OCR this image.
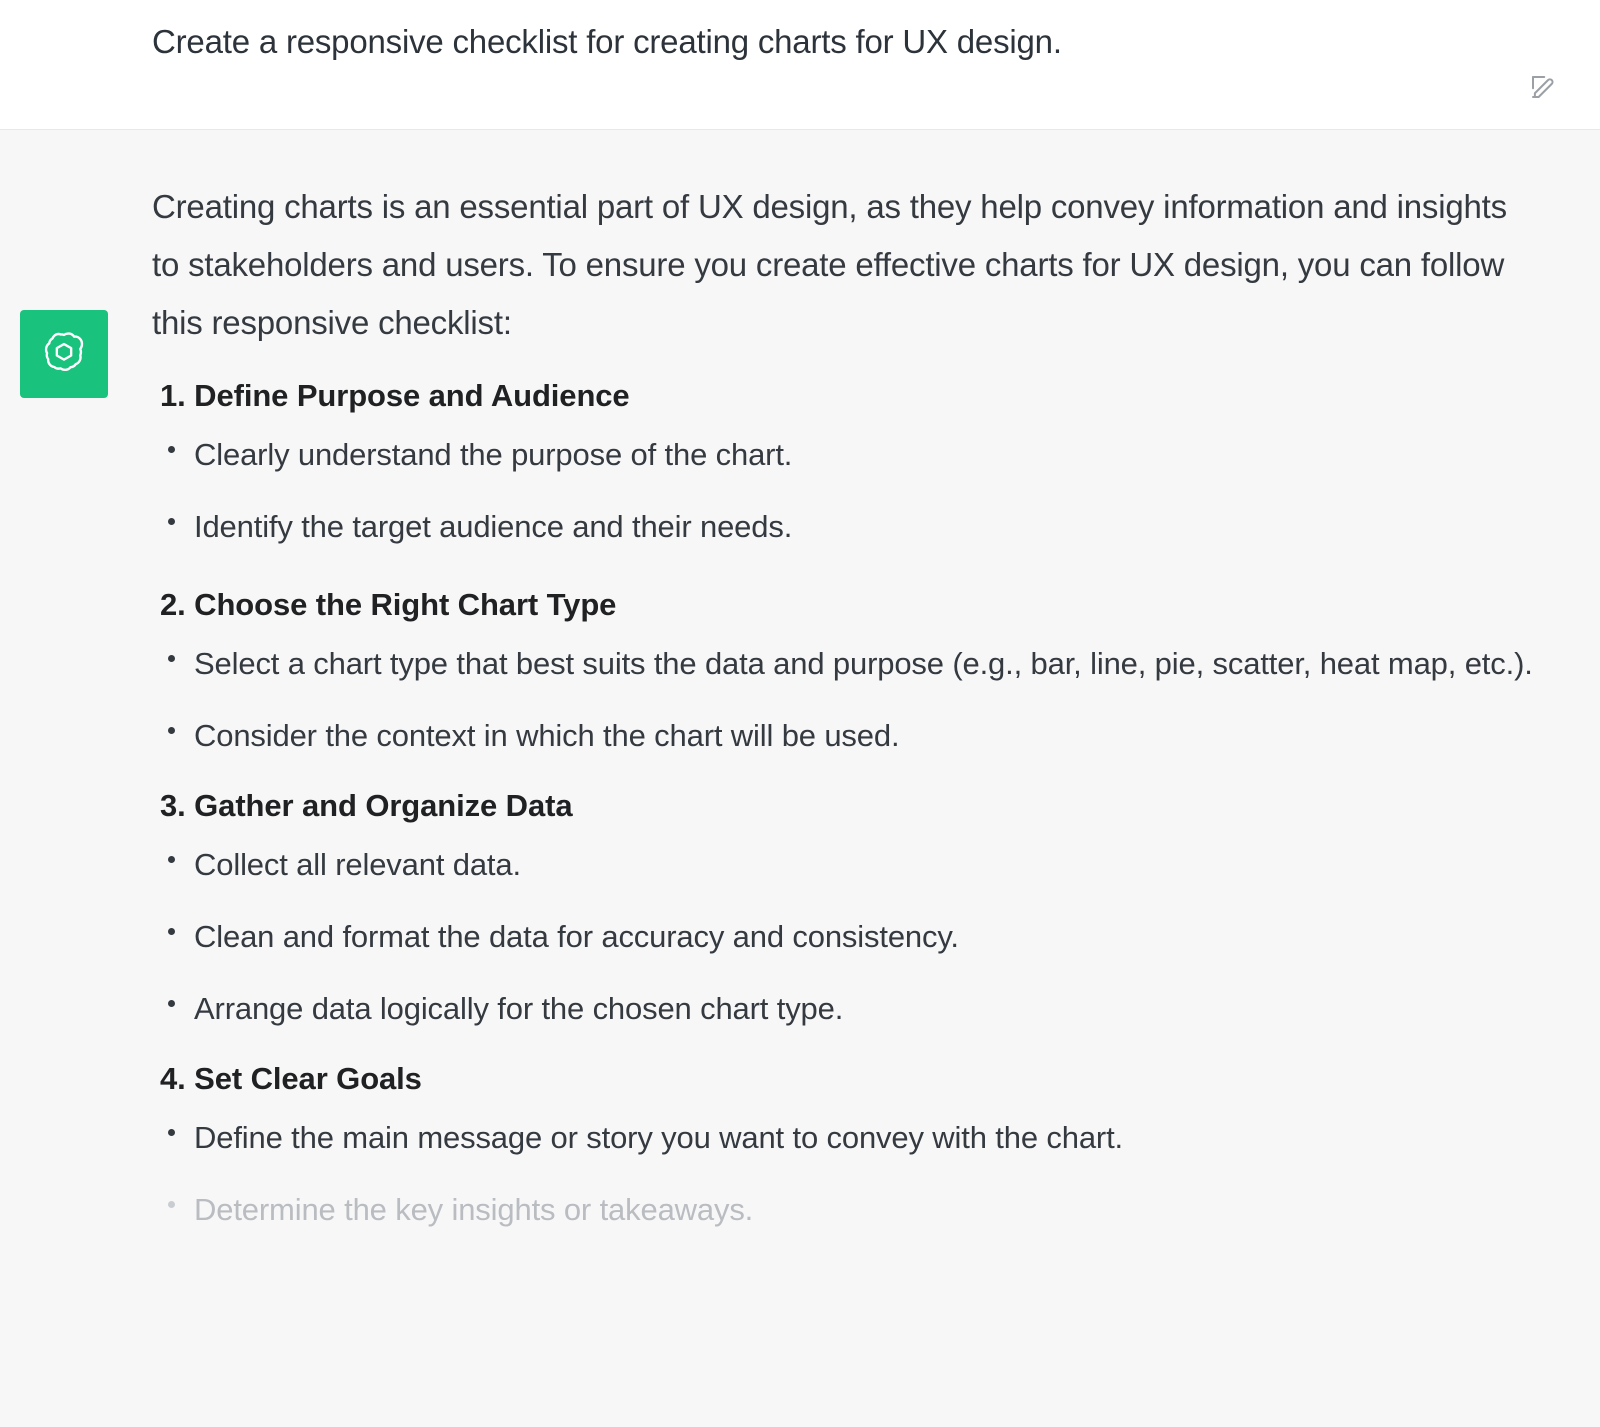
Create a responsive checklist for creating charts for UX design.

Creating charts is an essential part of UX design, as they help convey information and insights to stakeholders and users. To ensure you create effective charts for UX design, you can follow this responsive checklist:

1. Define Purpose and Audience
Clearly understand the purpose of the chart.
Identify the target audience and their needs.
2. Choose the Right Chart Type
Select a chart type that best suits the data and purpose (e.g., bar, line, pie, scatter, heat map, etc.).
Consider the context in which the chart will be used.
3. Gather and Organize Data
Collect all relevant data.
Clean and format the data for accuracy and consistency.
Arrange data logically for the chosen chart type.
4. Set Clear Goals
Define the main message or story you want to convey with the chart.
Determine the key insights or takeaways.
